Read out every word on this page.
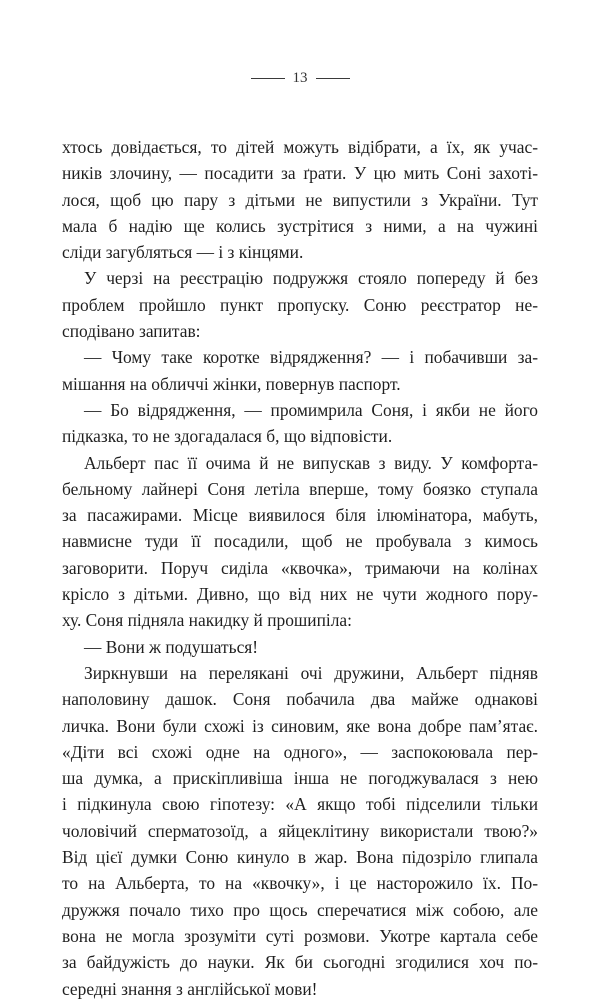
13
хтось довідається, то дітей можуть відібрати, а їх, як учас-
ників злочину, — посадити за ґрати. У цю мить Соні захоті-
лося, щоб цю пару з дітьми не випустили з України. Тут
мала б надію ще колись зустрітися з ними, а на чужині
сліди загубляться — і з кінцями.
У черзі на реєстрацію подружжя стояло попереду й без
проблем пройшло пункт пропуску. Соню реєстратор не-
сподівано запитав:
— Чому таке коротке відрядження? — і побачивши за-
мішання на обличчі жінки, повернув паспорт.
— Бо відрядження, — промимрила Соня, і якби не його
підказка, то не здогадалася б, що відповісти.
Альберт пас її очима й не випускав з виду. У комфорта-
бельному лайнері Соня летіла вперше, тому боязко ступала
за пасажирами. Місце виявилося біля ілюмінатора, мабуть,
навмисне туди її посадили, щоб не пробувала з кимось
заговорити. Поруч сиділа «квочка», тримаючи на колінах
крісло з дітьми. Дивно, що від них не чути жодного пору-
ху. Соня підняла накидку й прошипіла:
— Вони ж подушаться!
Зиркнувши на перелякані очі дружини, Альберт підняв
наполовину дашок. Соня побачила два майже однакові
личка. Вони були схожі із синовим, яке вона добре пам’ятає.
«Діти всі схожі одне на одного», — заспокоювала пер-
ша думка, а прискіпливіша інша не погоджувалася з нею
і підкинула свою гіпотезу: «А якщо тобі підселили тільки
чоловічий сперматозоїд, а яйцеклітину використали твою?»
Від цієї думки Соню кинуло в жар. Вона підозріло глипала
то на Альберта, то на «квочку», і це насторожило їх. По-
дружжя почало тихо про щось сперечатися між собою, але
вона не могла зрозуміти суті розмови. Укотре картала себе
за байдужість до науки. Як би сьогодні згодилися хоч по-
середні знання з англійської мови!
